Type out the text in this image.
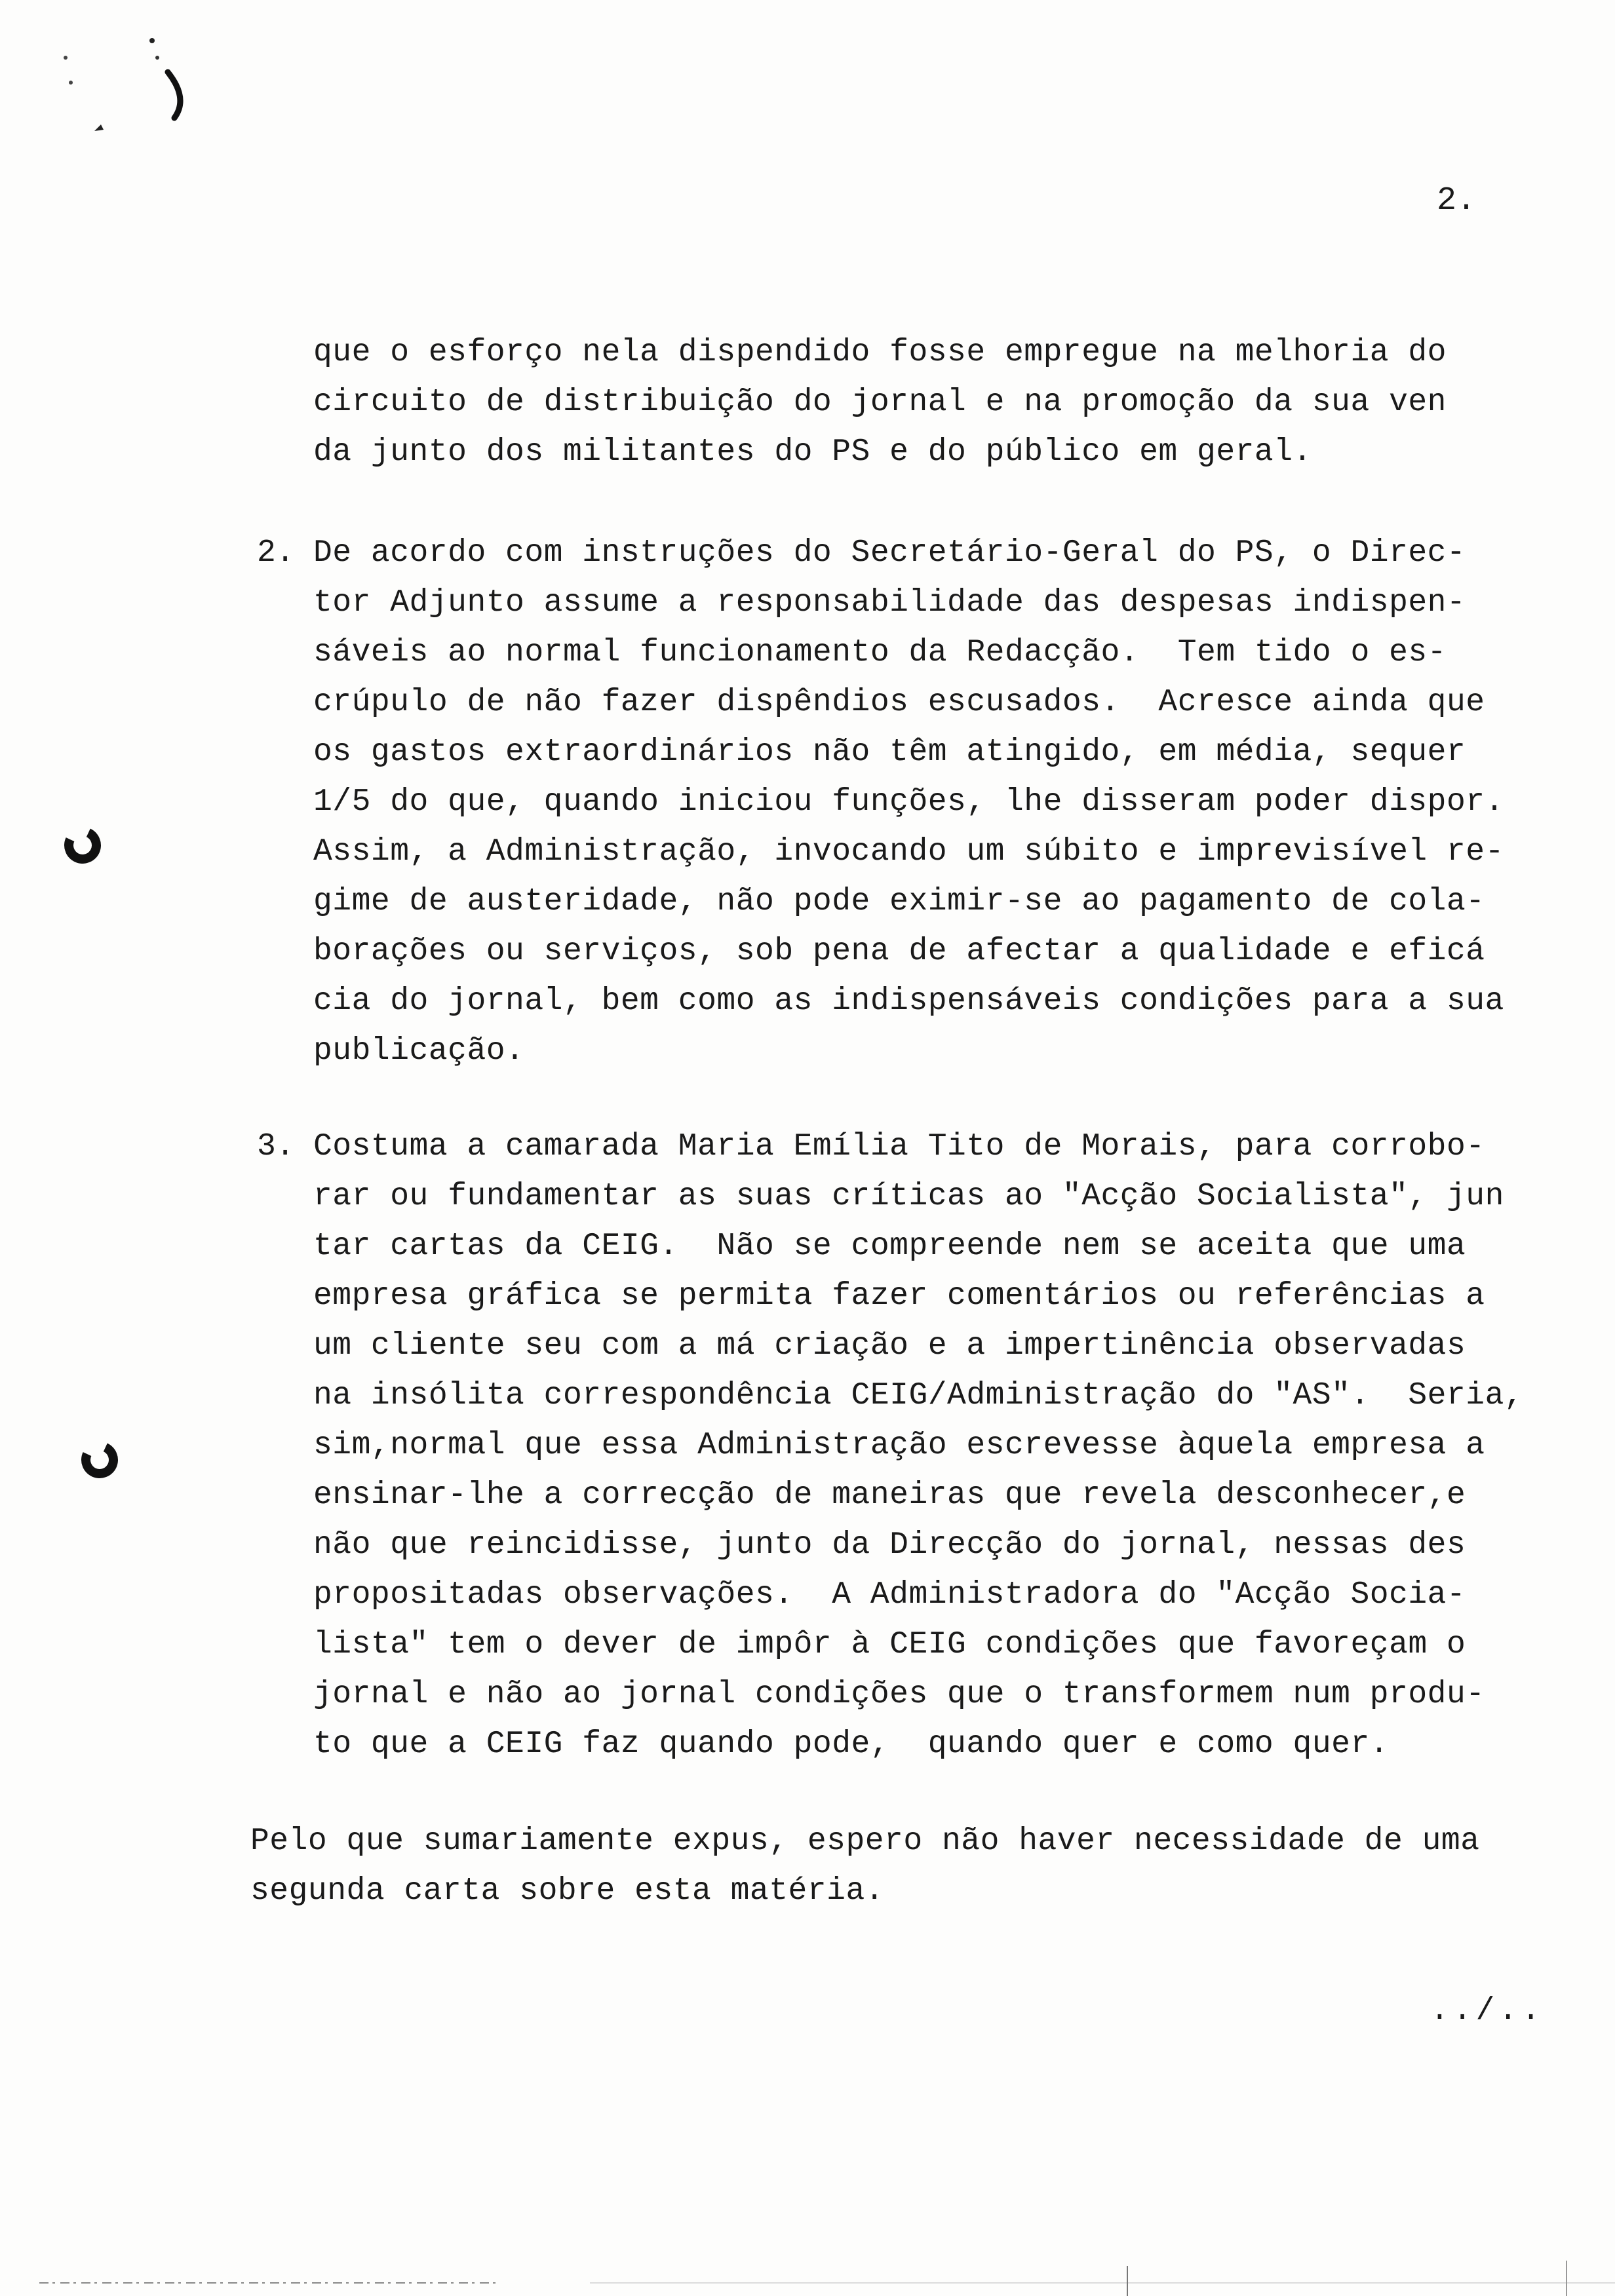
2.
que o esforço nela dispendido fosse empregue na melhoria do
circuito de distribuição do jornal e na promoção da sua ven
da junto dos militantes do PS e do público em geral.
2. De acordo com instruções do Secretário-Geral do PS, o Direc-
tor Adjunto assume a responsabilidade das despesas indispen-
sáveis ao normal funcionamento da Redacção.  Tem tido o es-
crúpulo de não fazer dispêndios escusados.  Acresce ainda que
os gastos extraordinários não têm atingido, em média, sequer
1/5 do que, quando iniciou funções, lhe disseram poder dispor.
Assim, a Administração, invocando um súbito e imprevisível re-
gime de austeridade, não pode eximir-se ao pagamento de cola-
borações ou serviços, sob pena de afectar a qualidade e eficá
cia do jornal, bem como as indispensáveis condições para a sua
publicação.
3. Costuma a camarada Maria Emília Tito de Morais, para corrobo-
rar ou fundamentar as suas críticas ao "Acção Socialista", jun
tar cartas da CEIG.  Não se compreende nem se aceita que uma
empresa gráfica se permita fazer comentários ou referências a
um cliente seu com a má criação e a impertinência observadas
na insólita correspondência CEIG/Administração do "AS".  Seria,
sim,normal que essa Administração escrevesse àquela empresa a
ensinar-lhe a correcção de maneiras que revela desconhecer,e
não que reincidisse, junto da Direcção do jornal, nessas des
propositadas observações.  A Administradora do "Acção Socia-
lista" tem o dever de impôr à CEIG condições que favoreçam o
jornal e não ao jornal condições que o transformem num produ-
to que a CEIG faz quando pode,  quando quer e como quer.
Pelo que sumariamente expus, espero não haver necessidade de uma
segunda carta sobre esta matéria.
../..
